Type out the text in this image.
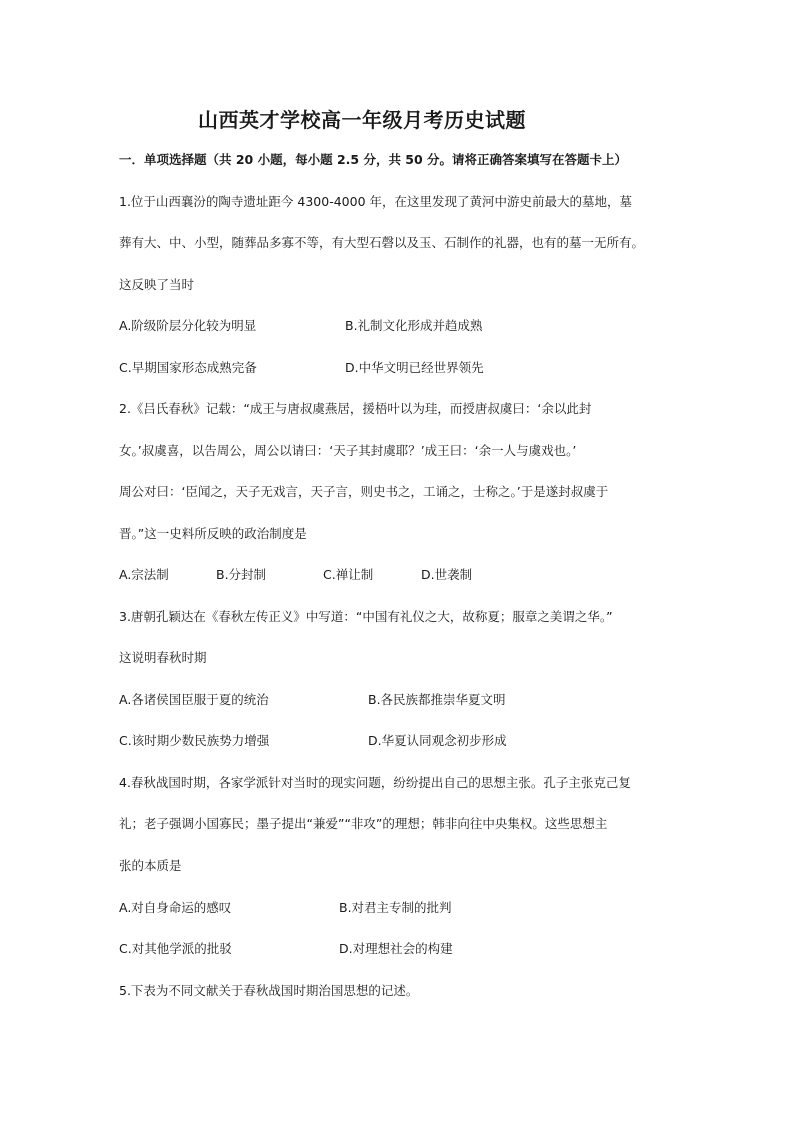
山西英才学校高一年级月考历史试题
一．单项选择题（共 20 小题，每小题 2.5 分，共 50 分。请将正确答案填写在答题卡上）
1.位于山西襄汾的陶寺遗址距今 4300-4000 年，在这里发现了黄河中游史前最大的墓地，墓
葬有大、中、小型，随葬品多寡不等，有大型石磬以及玉、石制作的礼器，也有的墓一无所有。
这反映了当时
A.阶级阶层分化较为明显	B.礼制文化形成并趋成熟
C.早期国家形态成熟完备	D.中华文明已经世界领先
2.《吕氏春秋》记载：“成王与唐叔虞燕居，援梧叶以为珪，而授唐叔虞曰：‘余以此封
女。’叔虞喜，以告周公，周公以请曰：‘天子其封虞耶？’成王曰：‘余一人与虞戏也。’
周公对曰：‘臣闻之，天子无戏言，天子言，则史书之，工诵之，士称之。’于是遂封叔虞于
晋。”这一史料所反映的政治制度是
A.宗法制	B.分封制	C.禅让制	D.世袭制
3.唐朝孔颖达在《春秋左传正义》中写道：“中国有礼仪之大，故称夏；服章之美谓之华。”
这说明春秋时期
A.各诸侯国臣服于夏的统治	B.各民族都推崇华夏文明
C.该时期少数民族势力增强	D.华夏认同观念初步形成
4.春秋战国时期，各家学派针对当时的现实问题，纷纷提出自己的思想主张。孔子主张克己复
礼；老子强调小国寡民；墨子提出“兼爱”“非攻”的理想；韩非向往中央集权。这些思想主
张的本质是
A.对自身命运的感叹	B.对君主专制的批判
C.对其他学派的批驳	D.对理想社会的构建
5.下表为不同文献关于春秋战国时期治国思想的记述。
